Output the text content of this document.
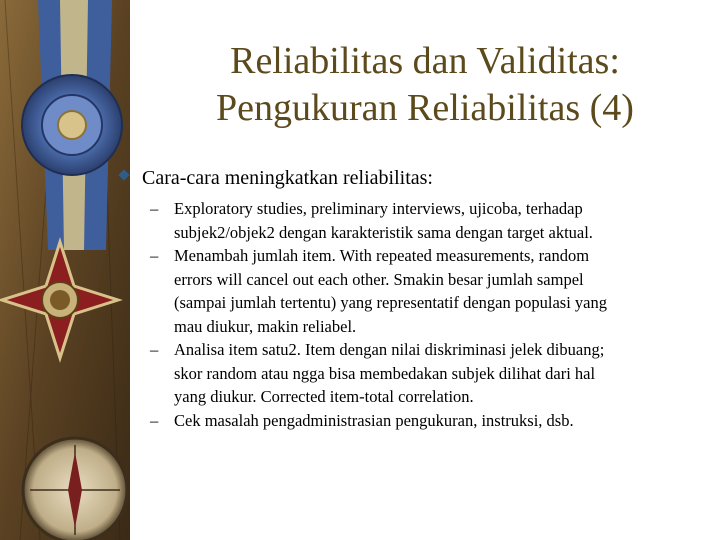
Reliabilitas dan Validitas:
Pengukuran Reliabilitas (4)
Cara-cara meningkatkan reliabilitas:
– Exploratory studies, preliminary interviews, ujicoba, terhadap
subjek2/objek2 dengan karakteristik sama dengan target aktual.
– Menambah jumlah item. With repeated measurements, random
errors will cancel out each other. Smakin besar jumlah sampel
(sampai jumlah tertentu) yang representatif dengan populasi yang
mau diukur, makin reliabel.
– Analisa item satu2. Item dengan nilai diskriminasi jelek dibuang;
skor random atau ngga bisa membedakan subjek dilihat dari hal
yang diukur. Corrected item-total correlation.
– Cek masalah pengadministrasian pengukuran, instruksi, dsb.
